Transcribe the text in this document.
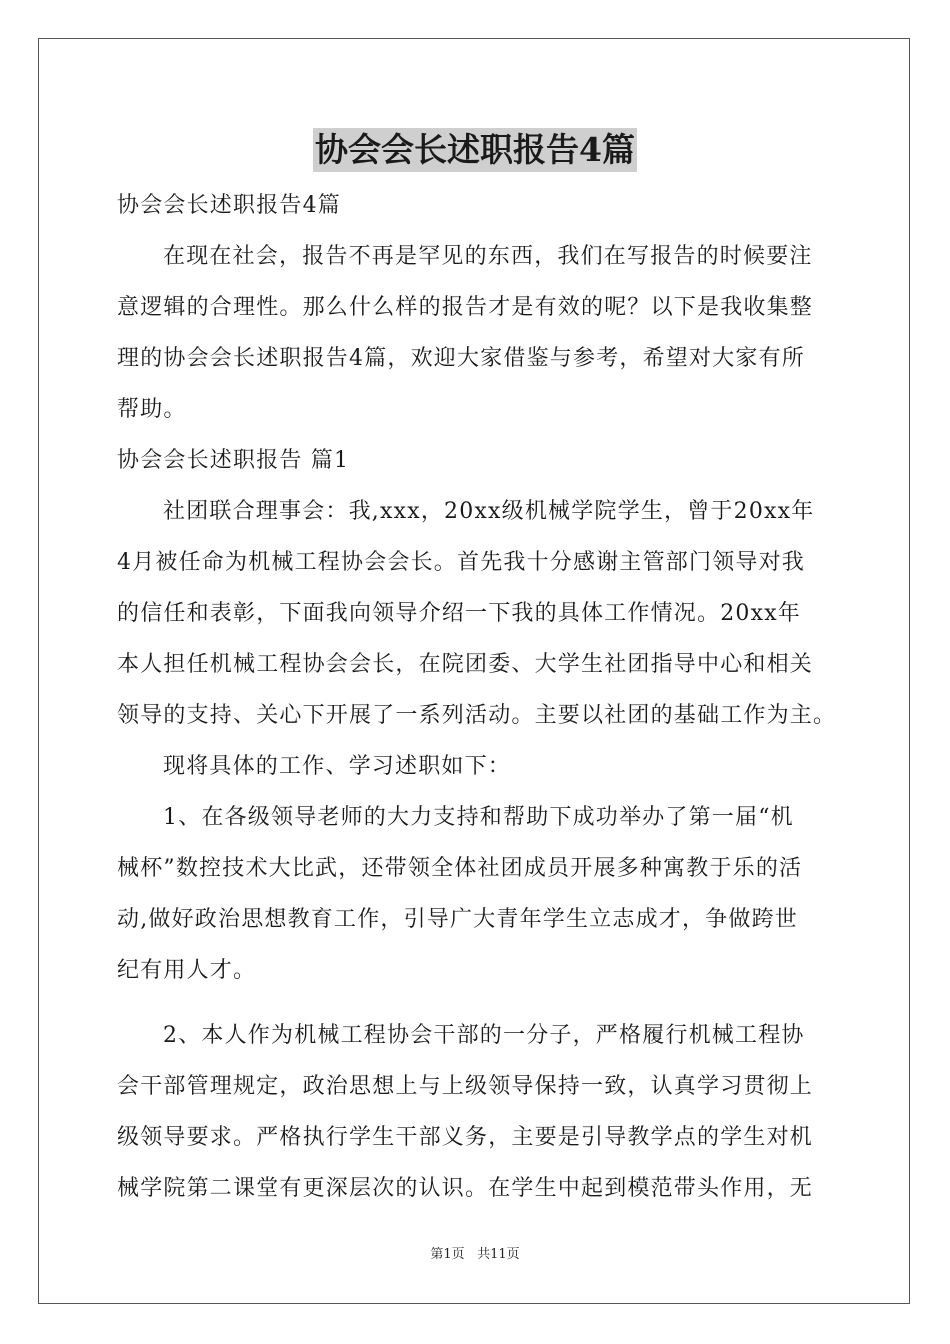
协会会长述职报告4篇
协会会长述职报告4篇
在现在社会，报告不再是罕见的东西，我们在写报告的时候要注
意逻辑的合理性。那么什么样的报告才是有效的呢？以下是我收集整
理的协会会长述职报告4篇，欢迎大家借鉴与参考，希望对大家有所
帮助。
协会会长述职报告 篇1
社团联合理事会：我,xxx，20xx级机械学院学生，曾于20xx年
4月被任命为机械工程协会会长。首先我十分感谢主管部门领导对我
的信任和表彰，下面我向领导介绍一下我的具体工作情况。20xx年
本人担任机械工程协会会长，在院团委、大学生社团指导中心和相关
领导的支持、关心下开展了一系列活动。主要以社团的基础工作为主。
现将具体的工作、学习述职如下：
1、在各级领导老师的大力支持和帮助下成功举办了第一届“机
械杯”数控技术大比武，还带领全体社团成员开展多种寓教于乐的活
动,做好政治思想教育工作，引导广大青年学生立志成才，争做跨世
纪有用人才。
2、本人作为机械工程协会干部的一分子，严格履行机械工程协
会干部管理规定，政治思想上与上级领导保持一致，认真学习贯彻上
级领导要求。严格执行学生干部义务，主要是引导教学点的学生对机
械学院第二课堂有更深层次的认识。在学生中起到模范带头作用，无
第1页 共11页
